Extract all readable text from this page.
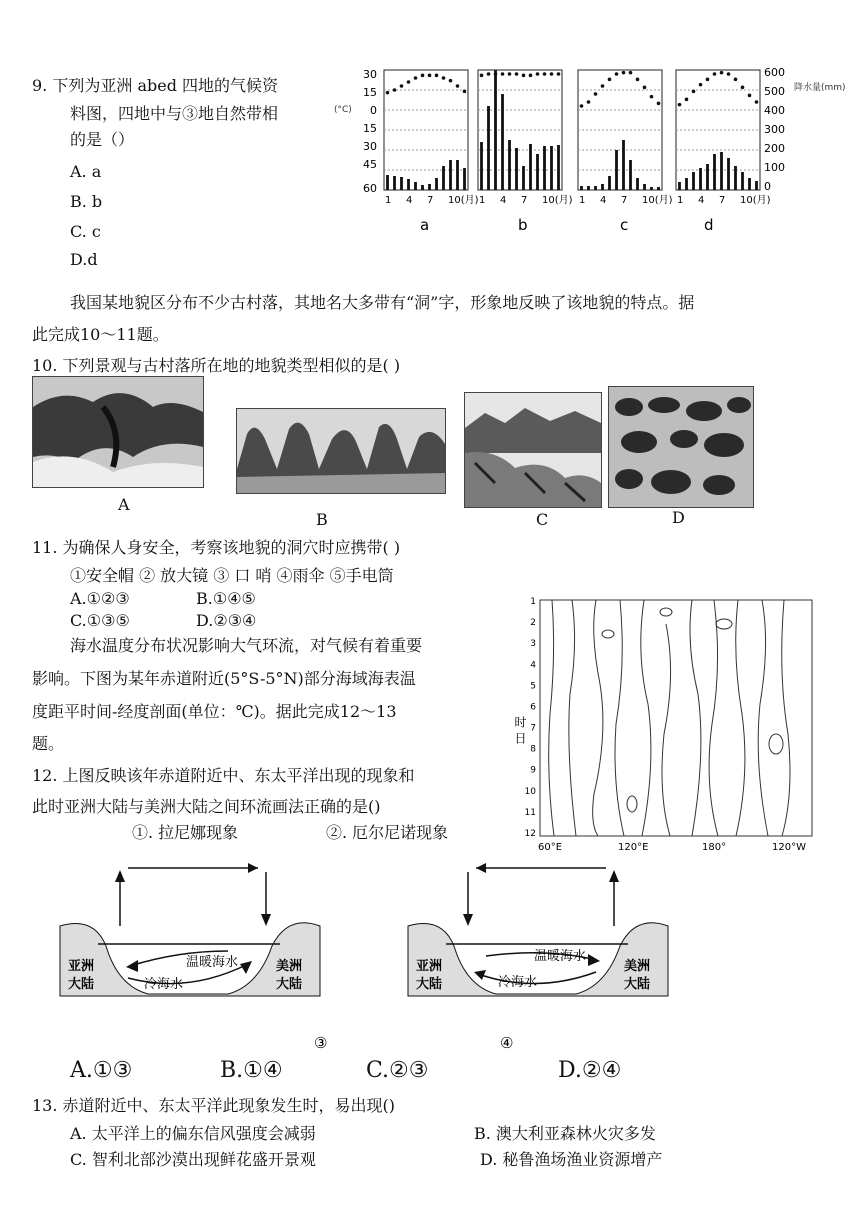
9. 下列为亚洲 abed 四地的气候资
料图，四地中与③地自然带相
的是（）
A. a
B. b
C. c
D.d
(°C)
30
15
0
15
30
45
60
600
500
400
300
200
100
0
降水量(mm)
1 4 7 10(月) 1 4 7 10(月) 1 4 7 10(月) 1 4 7 10(月)
a	b	c	d
我国某地貌区分布不少古村落，其地名大多带有“洞”字，形象地反映了该地貌的特点。据
此完成10～11题。
10. 下列景观与古村落所在地的地貌类型相似的是( )
A
B	C	D
11. 为确保人身安全，考察该地貌的洞穴时应携带( )
①安全帽 ② 放大镜 ③ 口 哨 ④雨伞 ⑤手电筒
A.①②③	B.①④⑤
C.①③⑤	D.②③④
海水温度分布状况影响大气环流，对气候有着重要
影响。下图为某年赤道附近(5°S-5°N)部分海域海表温
度距平时间-经度剖面(单位：℃)。据此完成12～13
题。	时 日
1
2
3
4
5
6
7
8
9
10
11
12
60°E	120°E	180°	120°W
12. 上图反映该年赤道附近中、东太平洋出现的现象和
此时亚洲大陆与美洲大陆之间环流画法正确的是()
①. 拉尼娜现象	②. 厄尔尼诺现象
温暖海水
冷海水
亚洲
大陆
美洲
大陆
③
温暖海水
冷海水
亚洲
大陆
美洲
大陆
④
A.①③	B.①④	C.②③	D.②④
13. 赤道附近中、东太平洋此现象发生时，易出现()
A. 太平洋上的偏东信风强度会减弱	B. 澳大利亚森林火灾多发
C. 智利北部沙漠出现鲜花盛开景观	D. 秘鲁渔场渔业资源增产
